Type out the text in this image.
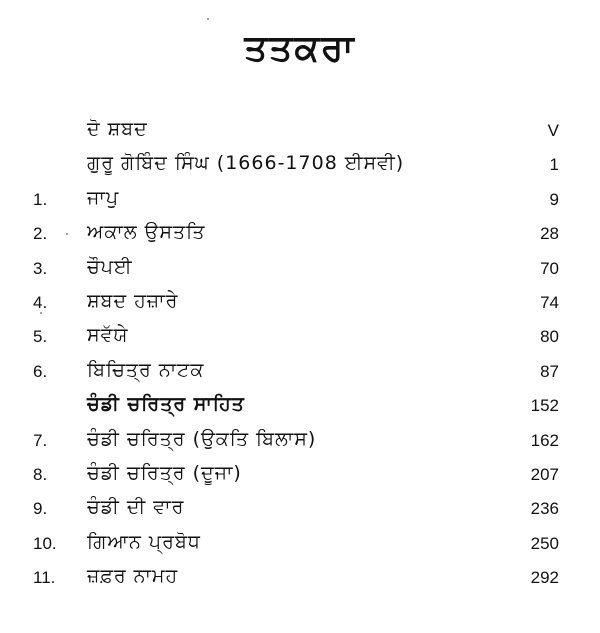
ਤਤਕਰਾ
ਦੋ ਸ਼ਬਦ	V
ਗੁਰੂ ਗੋਬਿੰਦ ਸਿੰਘ (1666-1708 ਈਸਵੀ)	1
1. ਜਾਪੁ	9
2. ਅਕਾਲ ਉਸਤਤਿ	28
3. ਚੌਪਈ	70
4. ਸ਼ਬਦ ਹਜ਼ਾਰੇ	74
5. ਸਵੱਯੇ	80
6. ਬਿਚਿਤ੍ਰ ਨਾਟਕ	87
ਚੰਡੀ ਚਰਿਤ੍ਰ ਸਾਹਿਤ	152
7. ਚੰਡੀ ਚਰਿਤ੍ਰ (ਉਕਤਿ ਬਿਲਾਸ)	162
8. ਚੰਡੀ ਚਰਿਤ੍ਰ (ਦੂਜਾ)	207
9. ਚੰਡੀ ਦੀ ਵਾਰ	236
10. ਗਿਆਨ ਪ੍ਰਬੋਧ	250
11. ਜ਼ਫ਼ਰ ਨਾਮਹ	292
